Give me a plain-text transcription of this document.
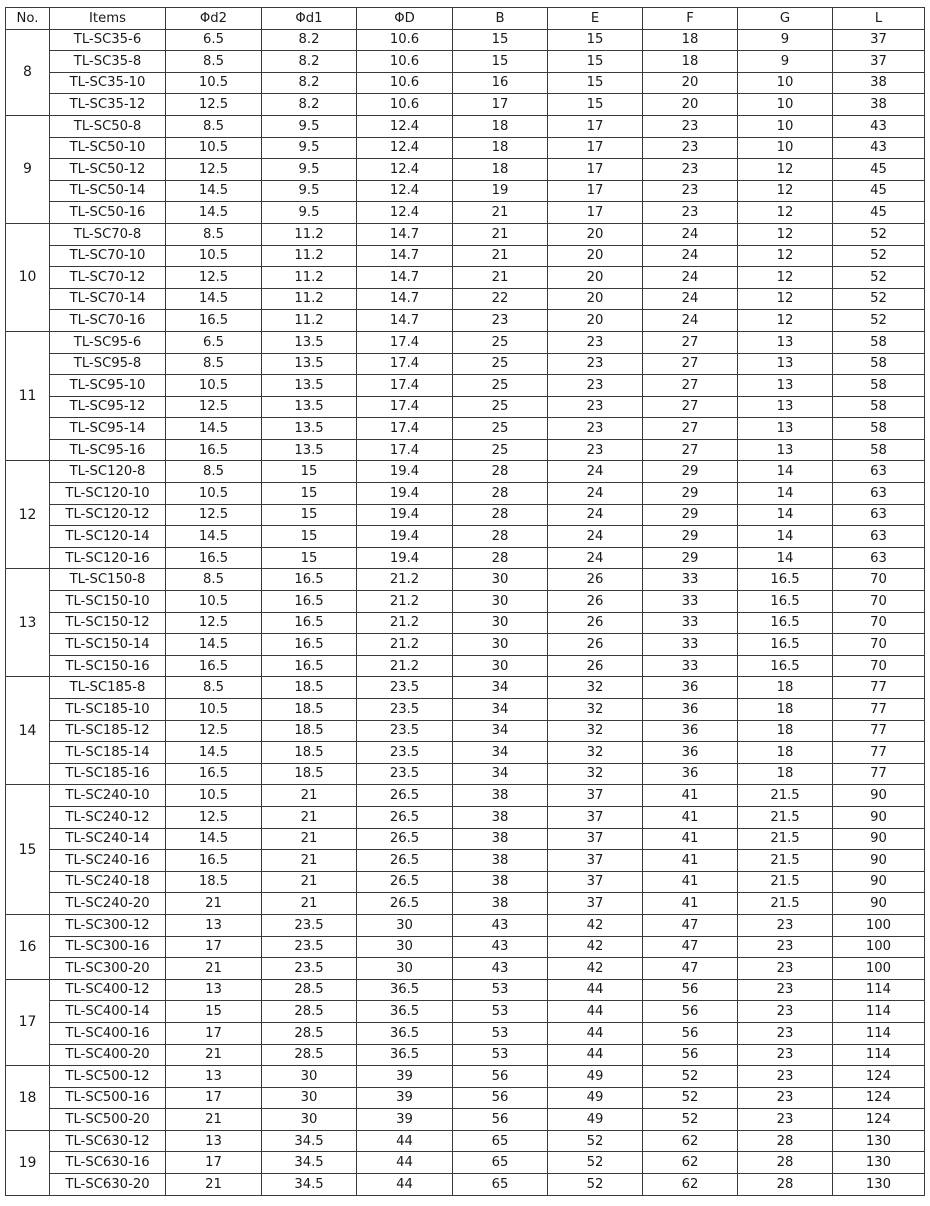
No.	Items	Φd2	Φd1	ΦD	B	E	F	G	L
8	TL-SC35-6	6.5	8.2	10.6	15	15	18	9	37
	TL-SC35-8	8.5	8.2	10.6	15	15	18	9	37
	TL-SC35-10	10.5	8.2	10.6	16	15	20	10	38
	TL-SC35-12	12.5	8.2	10.6	17	15	20	10	38
9	TL-SC50-8	8.5	9.5	12.4	18	17	23	10	43
	TL-SC50-10	10.5	9.5	12.4	18	17	23	10	43
	TL-SC50-12	12.5	9.5	12.4	18	17	23	12	45
	TL-SC50-14	14.5	9.5	12.4	19	17	23	12	45
	TL-SC50-16	14.5	9.5	12.4	21	17	23	12	45
10	TL-SC70-8	8.5	11.2	14.7	21	20	24	12	52
	TL-SC70-10	10.5	11.2	14.7	21	20	24	12	52
	TL-SC70-12	12.5	11.2	14.7	21	20	24	12	52
	TL-SC70-14	14.5	11.2	14.7	22	20	24	12	52
	TL-SC70-16	16.5	11.2	14.7	23	20	24	12	52
11	TL-SC95-6	6.5	13.5	17.4	25	23	27	13	58
	TL-SC95-8	8.5	13.5	17.4	25	23	27	13	58
	TL-SC95-10	10.5	13.5	17.4	25	23	27	13	58
	TL-SC95-12	12.5	13.5	17.4	25	23	27	13	58
	TL-SC95-14	14.5	13.5	17.4	25	23	27	13	58
	TL-SC95-16	16.5	13.5	17.4	25	23	27	13	58
12	TL-SC120-8	8.5	15	19.4	28	24	29	14	63
	TL-SC120-10	10.5	15	19.4	28	24	29	14	63
	TL-SC120-12	12.5	15	19.4	28	24	29	14	63
	TL-SC120-14	14.5	15	19.4	28	24	29	14	63
	TL-SC120-16	16.5	15	19.4	28	24	29	14	63
13	TL-SC150-8	8.5	16.5	21.2	30	26	33	16.5	70
	TL-SC150-10	10.5	16.5	21.2	30	26	33	16.5	70
	TL-SC150-12	12.5	16.5	21.2	30	26	33	16.5	70
	TL-SC150-14	14.5	16.5	21.2	30	26	33	16.5	70
	TL-SC150-16	16.5	16.5	21.2	30	26	33	16.5	70
14	TL-SC185-8	8.5	18.5	23.5	34	32	36	18	77
	TL-SC185-10	10.5	18.5	23.5	34	32	36	18	77
	TL-SC185-12	12.5	18.5	23.5	34	32	36	18	77
	TL-SC185-14	14.5	18.5	23.5	34	32	36	18	77
	TL-SC185-16	16.5	18.5	23.5	34	32	36	18	77
15	TL-SC240-10	10.5	21	26.5	38	37	41	21.5	90
	TL-SC240-12	12.5	21	26.5	38	37	41	21.5	90
	TL-SC240-14	14.5	21	26.5	38	37	41	21.5	90
	TL-SC240-16	16.5	21	26.5	38	37	41	21.5	90
	TL-SC240-18	18.5	21	26.5	38	37	41	21.5	90
	TL-SC240-20	21	21	26.5	38	37	41	21.5	90
16	TL-SC300-12	13	23.5	30	43	42	47	23	100
	TL-SC300-16	17	23.5	30	43	42	47	23	100
	TL-SC300-20	21	23.5	30	43	42	47	23	100
17	TL-SC400-12	13	28.5	36.5	53	44	56	23	114
	TL-SC400-14	15	28.5	36.5	53	44	56	23	114
	TL-SC400-16	17	28.5	36.5	53	44	56	23	114
	TL-SC400-20	21	28.5	36.5	53	44	56	23	114
18	TL-SC500-12	13	30	39	56	49	52	23	124
	TL-SC500-16	17	30	39	56	49	52	23	124
	TL-SC500-20	21	30	39	56	49	52	23	124
19	TL-SC630-12	13	34.5	44	65	52	62	28	130
	TL-SC630-16	17	34.5	44	65	52	62	28	130
	TL-SC630-20	21	34.5	44	65	52	62	28	130
